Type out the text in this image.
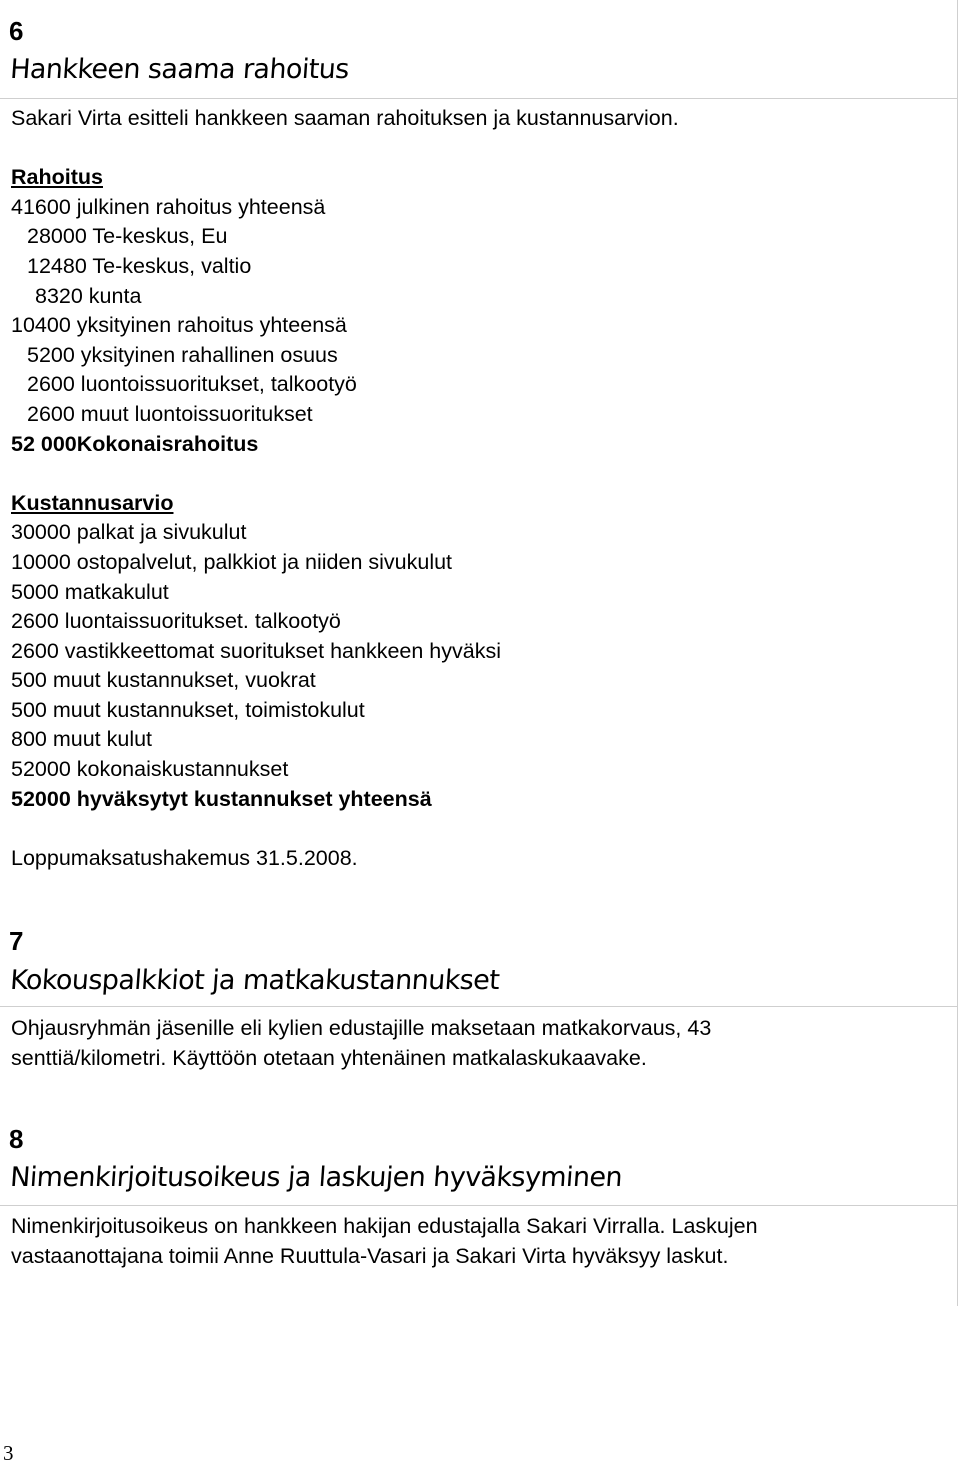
6
Hankkeen saama rahoitus
Sakari Virta esitteli hankkeen saaman rahoituksen ja kustannusarvion.
Rahoitus
41600 julkinen rahoitus yhteensä
28000 Te-keskus, Eu
12480 Te-keskus, valtio
8320 kunta
10400 yksityinen rahoitus yhteensä
5200 yksityinen rahallinen osuus
2600 luontoissuoritukset, talkootyö
2600 muut luontoissuoritukset
52 000Kokonaisrahoitus
Kustannusarvio
30000 palkat ja sivukulut
10000 ostopalvelut, palkkiot ja niiden sivukulut
5000 matkakulut
2600 luontaissuoritukset. talkootyö
2600 vastikkeettomat suoritukset hankkeen hyväksi
500 muut kustannukset, vuokrat
500 muut kustannukset, toimistokulut
800 muut kulut
52000 kokonaiskustannukset
52000 hyväksytyt kustannukset yhteensä
Loppumaksatushakemus 31.5.2008.
7
Kokouspalkkiot ja matkakustannukset
Ohjausryhmän jäsenille eli kylien edustajille maksetaan matkakorvaus, 43
senttiä/kilometri. Käyttöön otetaan yhtenäinen matkalaskukaavake.
8
Nimenkirjoitusoikeus ja laskujen hyväksyminen
Nimenkirjoitusoikeus on hankkeen hakijan edustajalla Sakari Virralla. Laskujen
vastaanottajana toimii Anne Ruuttula-Vasari ja Sakari Virta hyväksyy laskut.
3
